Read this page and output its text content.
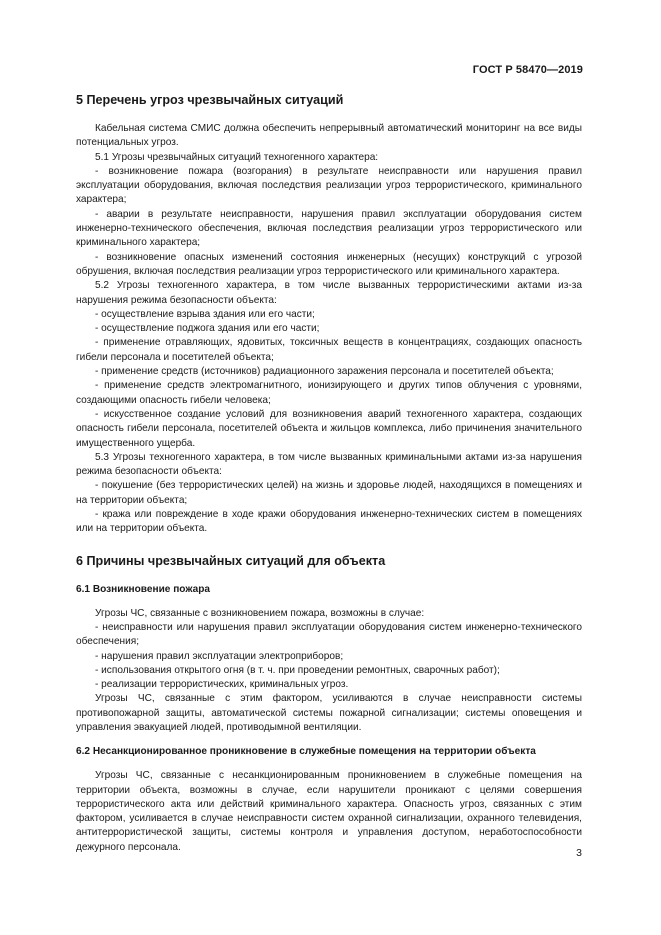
ГОСТ Р 58470—2019
5 Перечень угроз чрезвычайных ситуаций

Кабельная система СМИС должна обеспечить непрерывный автоматический мониторинг на все виды потенциальных угроз.

5.1 Угрозы чрезвычайных ситуаций техногенного характера:

- возникновение пожара (возгорания) в результате неисправности или нарушения правил эксплуатации оборудования, включая последствия реализации угроз террористического, криминального характера;

- аварии в результате неисправности, нарушения правил эксплуатации оборудования систем инженерно-технического обеспечения, включая последствия реализации угроз террористического или криминального характера;

- возникновение опасных изменений состояния инженерных (несущих) конструкций с угрозой обрушения, включая последствия реализации угроз террористического или криминального характера.

5.2 Угрозы техногенного характера, в том числе вызванных террористическими актами из-за нарушения режима безопасности объекта:

- осуществление взрыва здания или его части;

- осуществление поджога здания или его части;

- применение отравляющих, ядовитых, токсичных веществ в концентрациях, создающих опасность гибели персонала и посетителей объекта;

- применение средств (источников) радиационного заражения персонала и посетителей объекта;

- применение средств электромагнитного, ионизирующего и других типов облучения с уровнями, создающими опасность гибели человека;

- искусственное создание условий для возникновения аварий техногенного характера, создающих опасность гибели персонала, посетителей объекта и жильцов комплекса, либо причинения значительного имущественного ущерба.

5.3 Угрозы техногенного характера, в том числе вызванных криминальными актами из-за нарушения режима безопасности объекта:

- покушение (без террористических целей) на жизнь и здоровье людей, находящихся в помещениях и на территории объекта;

- кража или повреждение в ходе кражи оборудования инженерно-технических систем в помещениях или на территории объекта.

6 Причины чрезвычайных ситуаций для объекта
6.1 Возникновение пожара

Угрозы ЧС, связанные с возникновением пожара, возможны в случае:

- неисправности или нарушения правил эксплуатации оборудования систем инженерно-технического обеспечения;

- нарушения правил эксплуатации электроприборов;

- использования открытого огня (в т. ч. при проведении ремонтных, сварочных работ);

- реализации террористических, криминальных угроз.

Угрозы ЧС, связанные с этим фактором, усиливаются в случае неисправности системы противопожарной защиты, автоматической системы пожарной сигнализации; системы оповещения и управления эвакуацией людей, противодымной вентиляции.

6.2 Несанкционированное проникновение в служебные помещения на территории объекта

Угрозы ЧС, связанные с несанкционированным проникновением в служебные помещения на территории объекта, возможны в случае, если нарушители проникают с целями совершения террористического акта или действий криминального характера. Опасность угроз, связанных с этим фактором, усиливается в случае неисправности систем охранной сигнализации, охранного телевидения, антитеррористической защиты, системы контроля и управления доступом, неработоспособности дежурного персонала.	3
